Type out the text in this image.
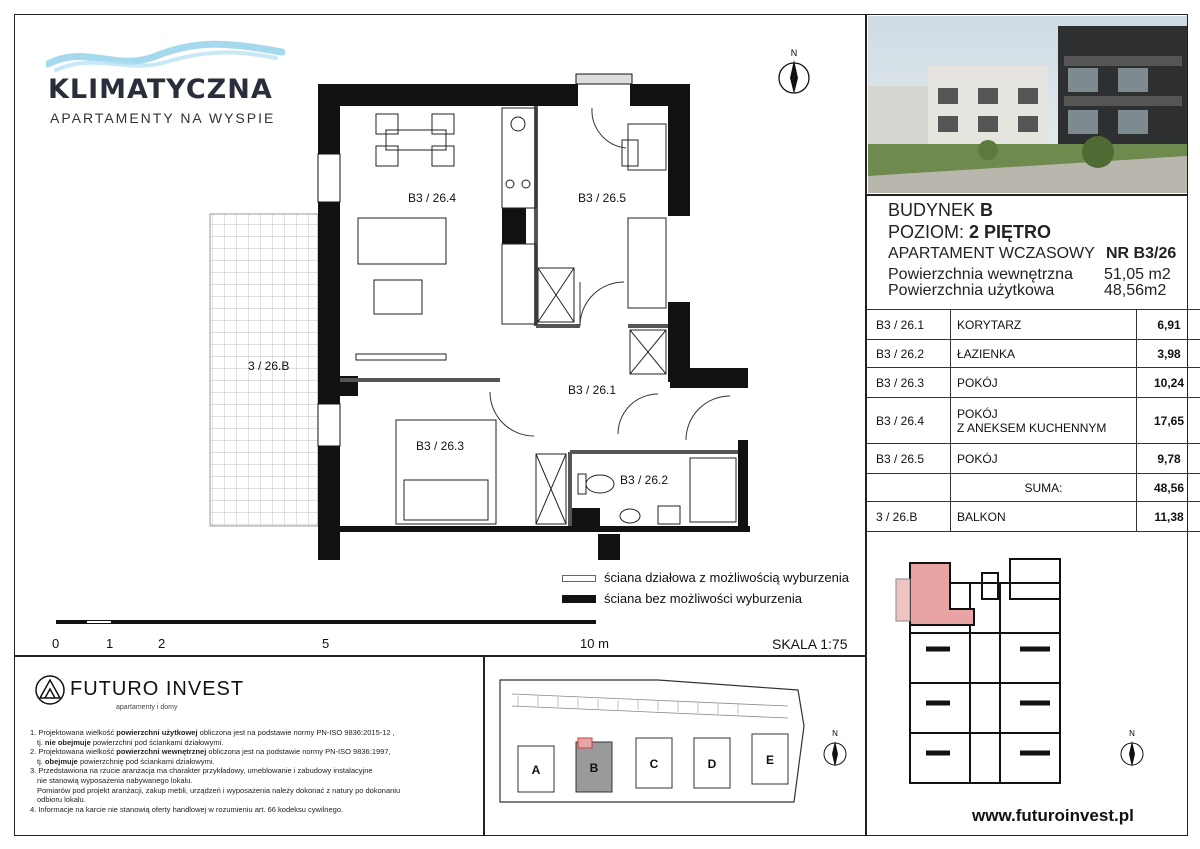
KLIMATYCZNA
APARTAMENTY NA WYSPIE
N
B3 / 26.4	B3 / 26.5
B3 / 26.1
B3 / 26.3
B3 / 26.2
3 / 26.B
ściana działowa z możliwością wyburzenia
ściana bez możliwości wyburzenia
0	1	2	5	10 m	SKALA 1:75
BUDYNEK B
POZIOM: 2 PIĘTRO
APARTAMENT WCZASOWY NR B3/26
Powierzchnia wewnętrzna 51,05 m2
Powierzchnia użytkowa	48,56m2
B3 / 26.1	KORYTARZ	6,91
B3 / 26.2	ŁAZIENKA	3,98
B3 / 26.3	POKÓJ	10,24
B3 / 26.4	POKÓJ
Z ANEKSEM KUCHENNYM	17,65
B3 / 26.5	POKÓJ	9,78
	SUMA:	48,56
3 / 26.B	BALKON	11,38
N
www.futuroinvest.pl
FUTURO INVEST
apartamenty i domy
1. Projektowana wielkość powierzchni użytkowej obliczona jest na podstawie normy PN-ISO 9836:2015-12 ,
tj. nie obejmuje powierzchni pod ściankami działowymi.
2. Projektowana wielkość powierzchni wewnętrznej obliczona jest na podstawie normy PN-ISO 9836:1997,
tj. obejmuje powierzchnię pod ściankami działowymi.
3. Przedstawiona na rzucie aranżacja ma charakter przykładowy, umeblowanie i zabudowy instalacyjne
nie stanowią wyposażenia nabywanego lokalu.
Pomiarów pod projekt aranżacji, zakup mebli, urządzeń i wyposażenia należy dokonać z natury po dokonaniu
odbioru lokalu.
4. Informacje na karcie nie stanowią oferty handlowej w rozumieniu art. 66 kodeksu cywilnego.
A	B	C	D	E
N
